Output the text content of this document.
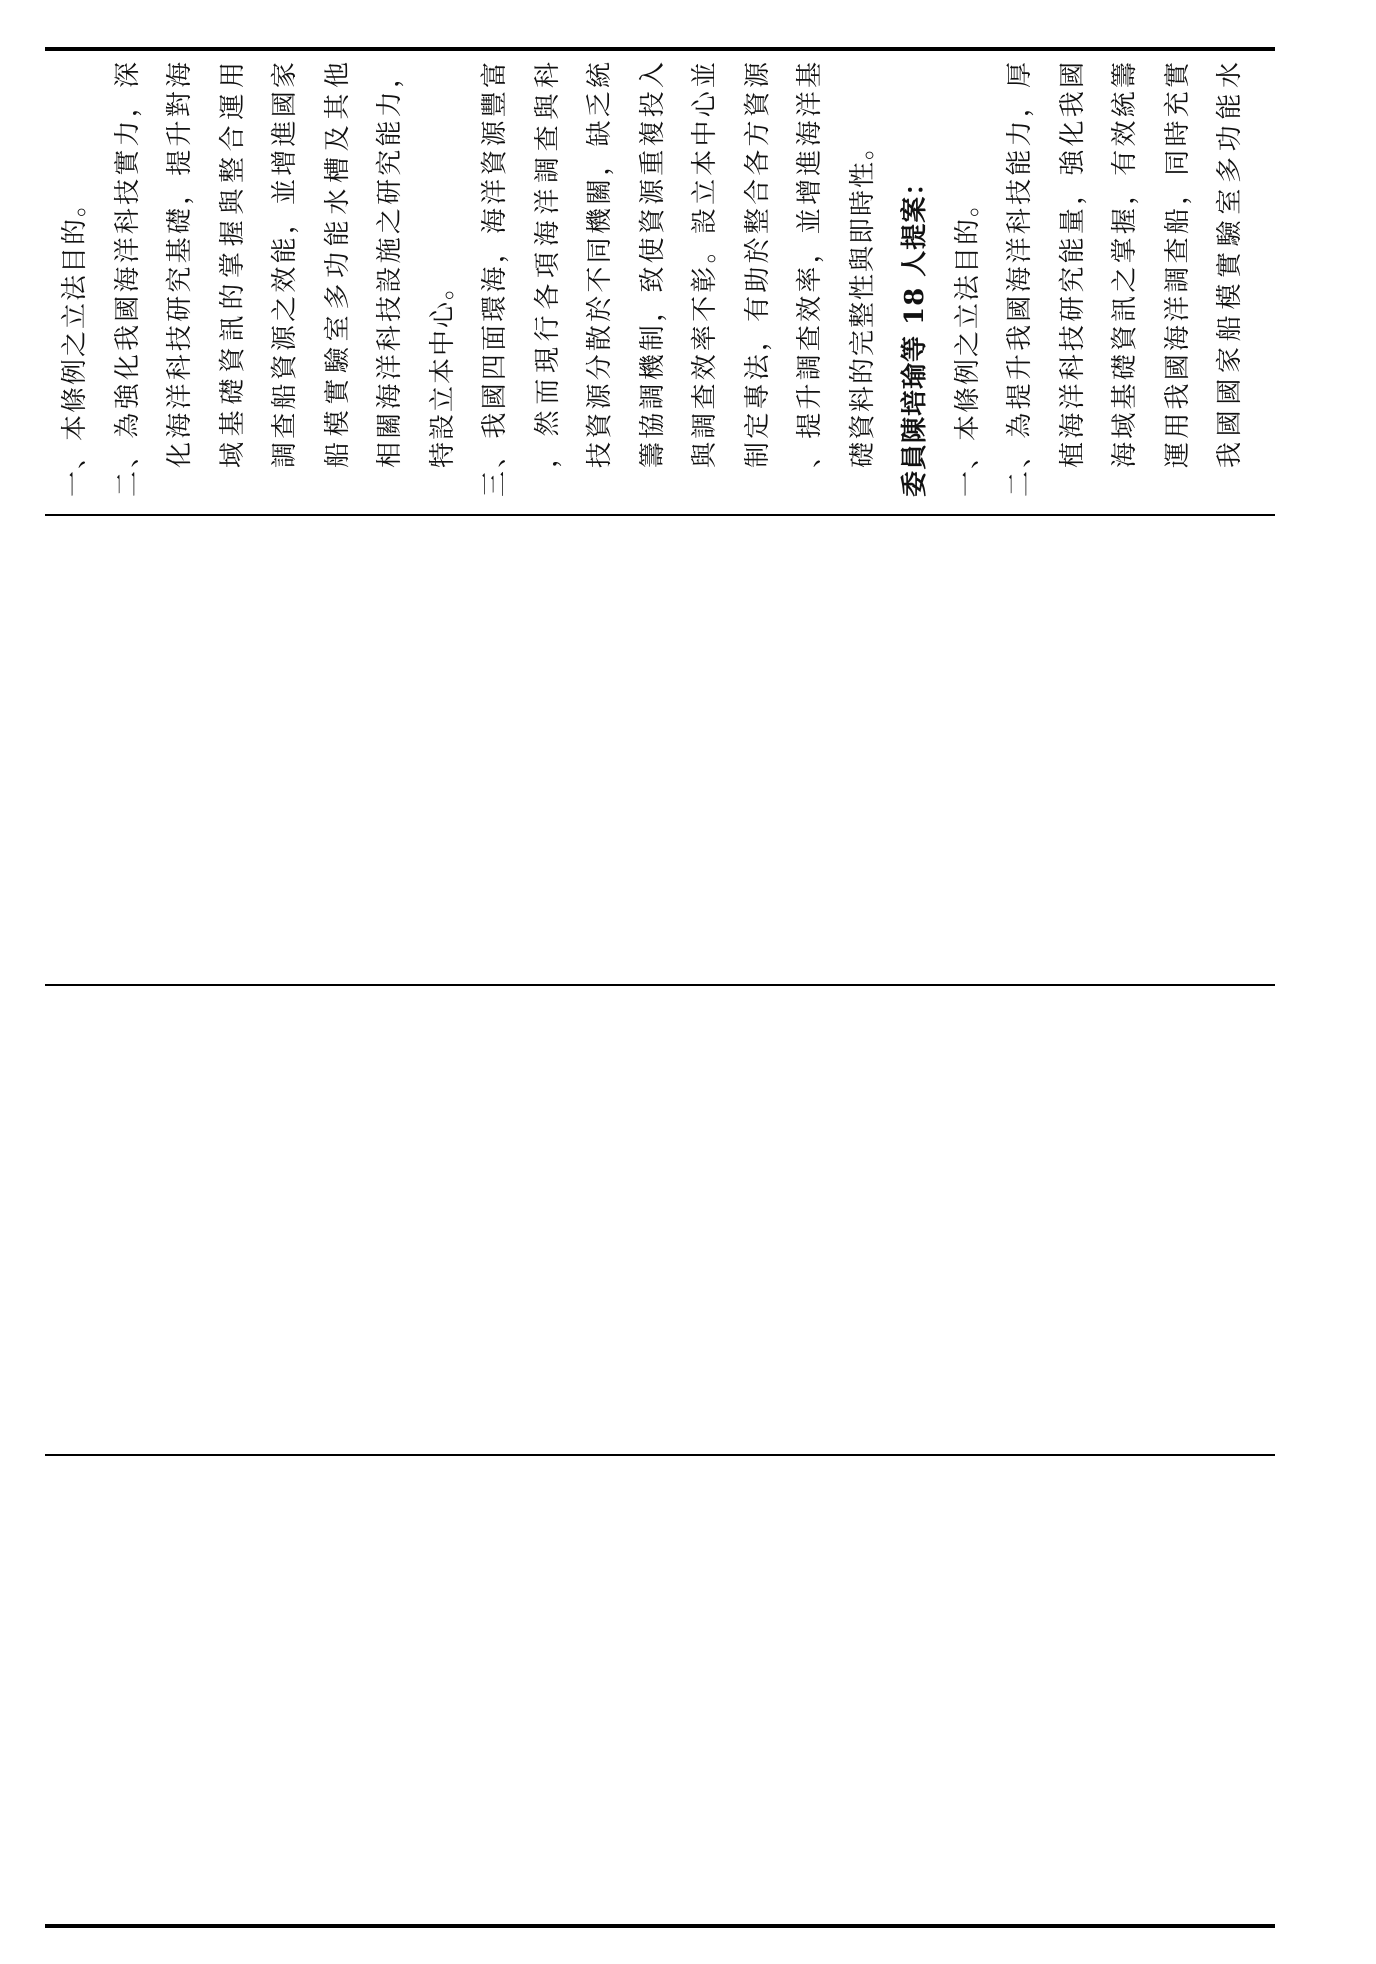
一、本條例之立法目的。 二、為強化我國海洋科技實力，深 化海洋科技研究基礎，提升對海 域基礎資訊的掌握與整合運用 調查船資源之效能，並增進國家 船模實驗室多功能水槽及其他 相關海洋科技設施之研究能力， 特設立本中心。 三、我國四面環海，海洋資源豐富 ，然而現行各項海洋調查與科 技資源分散於不同機關，缺乏統 籌協調機制，致使資源重複投入 與調查效率不彰。設立本中心並 制定專法，有助於整合各方資源 、提升調查效率，並增進海洋基 礎資料的完整性與即時性。 委員陳培瑜等 18 人提案： 一、本條例之立法目的。 二、為提升我國海洋科技能力，厚 植海洋科技研究能量，強化我國 海域基礎資訊之掌握，有效統籌 運用我國海洋調查船，同時充實 我國國家船模實驗室多功能水
